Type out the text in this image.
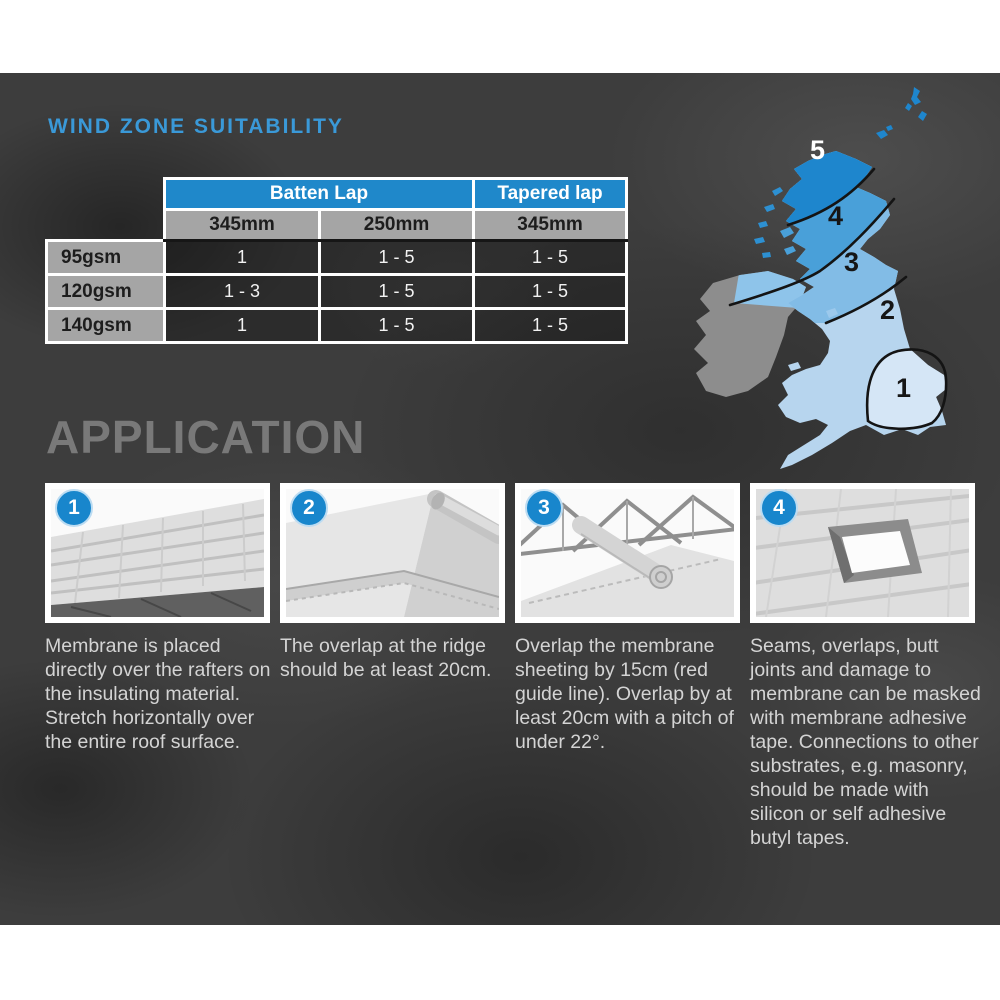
WIND ZONE SUITABILITY
	Batten Lap		Tapered lap
	345mm	250mm	345mm
95gsm	1	1 - 5	1 - 5
120gsm	1 - 3	1 - 5	1 - 5
140gsm	1	1 - 5	1 - 5
5
4
3
2
1
APPLICATION
1
Membrane is placed directly over the rafters on the insulating material. Stretch horizontally over the entire roof surface.
2
The overlap at the ridge should be at least 20cm.
3
Overlap the membrane sheeting by 15cm (red guide line). Overlap by at least 20cm with a pitch of under 22°.
4
Seams, overlaps, butt joints and damage to membrane can be masked with membrane adhesive tape. Connections to other substrates, e.g. masonry, should be made with silicon or self adhesive butyl tapes.
